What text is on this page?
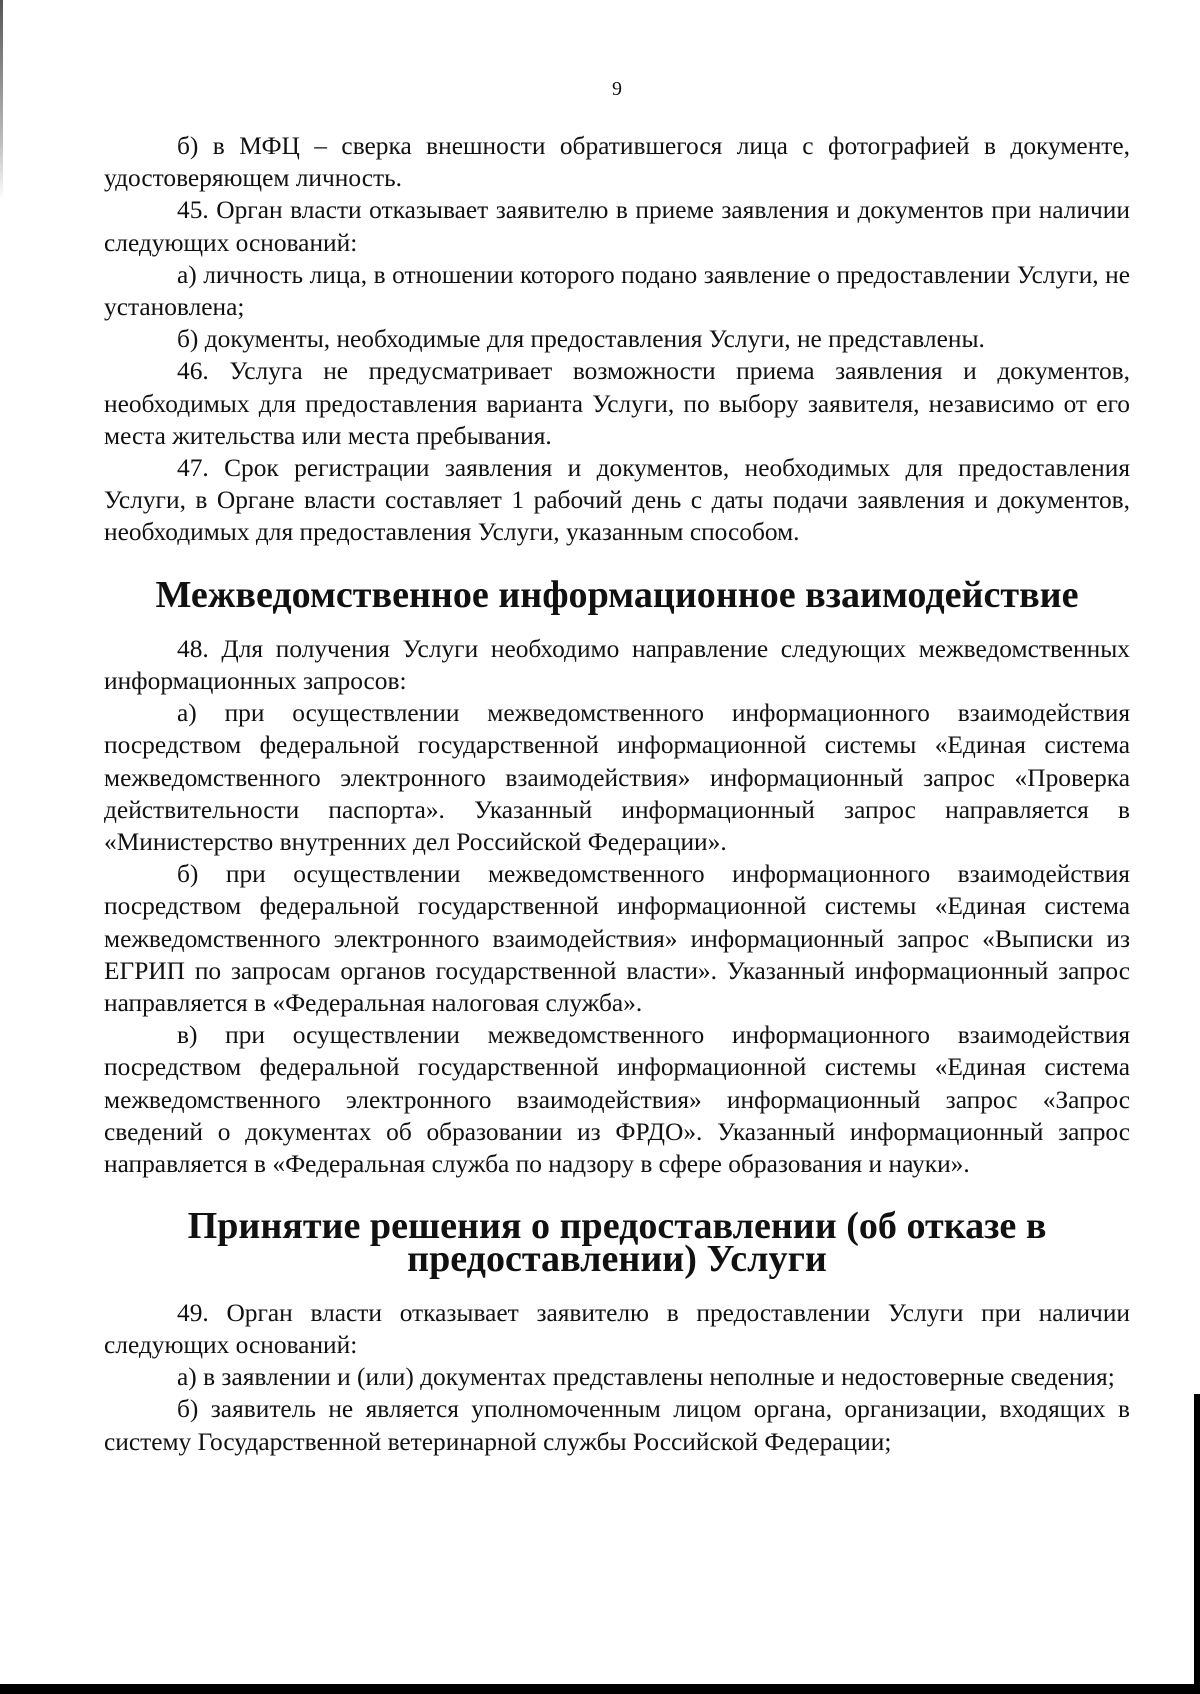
9

б) в МФЦ – сверка внешности обратившегося лица с фотографией в документе, удостоверяющем личность.

45. Орган власти отказывает заявителю в приеме заявления и документов при наличии следующих оснований:

а) личность лица, в отношении которого подано заявление о предоставлении Услуги, не установлена;

б) документы, необходимые для предоставления Услуги, не представлены.

46. Услуга не предусматривает возможности приема заявления и документов, необходимых для предоставления варианта Услуги, по выбору заявителя, независимо от его места жительства или места пребывания.

47. Срок регистрации заявления и документов, необходимых для предоставления Услуги, в Органе власти составляет 1 рабочий день с даты подачи заявления и документов, необходимых для предоставления Услуги, указанным способом.

Межведомственное информационное взаимодействие

48. Для получения Услуги необходимо направление следующих межведомственных информационных запросов:

а) при осуществлении межведомственного информационного взаимодействия посредством федеральной государственной информационной системы «Единая система межведомственного электронного взаимодействия» информационный запрос «Проверка действительности паспорта». Указанный информационный запрос направляется в «Министерство внутренних дел Российской Федерации».

б) при осуществлении межведомственного информационного взаимодействия посредством федеральной государственной информационной системы «Единая система межведомственного электронного взаимодействия» информационный запрос «Выписки из ЕГРИП по запросам органов государственной власти». Указанный информационный запрос направляется в «Федеральная налоговая служба».

в) при осуществлении межведомственного информационного взаимодействия посредством федеральной государственной информационной системы «Единая система межведомственного электронного взаимодействия» информационный запрос «Запрос сведений о документах об образовании из ФРДО». Указанный информационный запрос направляется в «Федеральная служба по надзору в сфере образования и науки».

Принятие решения о предоставлении (об отказе в предоставлении) Услуги

49. Орган власти отказывает заявителю в предоставлении Услуги при наличии следующих оснований:

а) в заявлении и (или) документах представлены неполные и недостоверные сведения;

б) заявитель не является уполномоченным лицом органа, организации, входящих в систему Государственной ветеринарной службы Российской Федерации;
